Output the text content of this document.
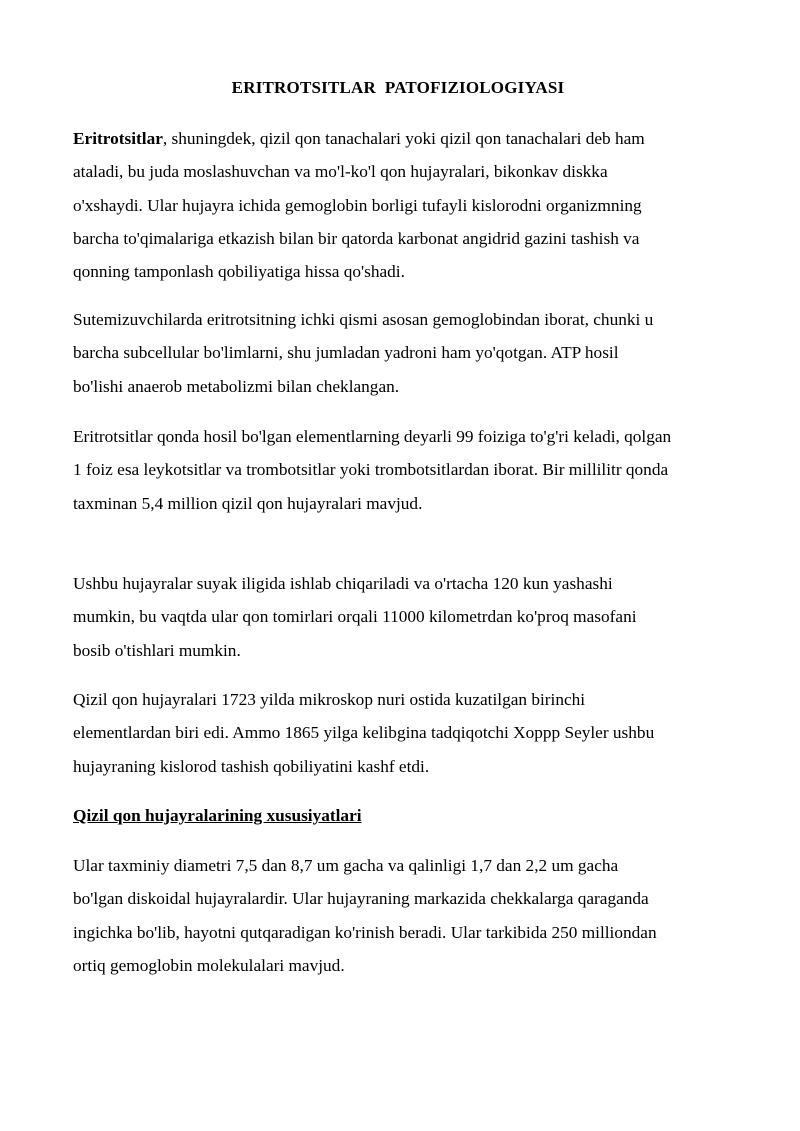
ERITROTSITLAR  PATOFIZIOLOGIYASI

Eritrotsitlar, shuningdek, qizil qon tanachalari yoki qizil qon tanachalari deb ham
ataladi, bu juda moslashuvchan va mo'l-ko'l qon hujayralari, bikonkav diskka
o'xshaydi. Ular hujayra ichida gemoglobin borligi tufayli kislorodni organizmning
barcha to'qimalariga etkazish bilan bir qatorda karbonat angidrid gazini tashish va
qonning tamponlash qobiliyatiga hissa qo'shadi.

Sutemizuvchilarda eritrotsitning ichki qismi asosan gemoglobindan iborat, chunki u
barcha subcellular bo'limlarni, shu jumladan yadroni ham yo'qotgan. ATP hosil
bo'lishi anaerob metabolizmi bilan cheklangan.

Eritrotsitlar qonda hosil bo'lgan elementlarning deyarli 99 foiziga to'g'ri keladi, qolgan
1 foiz esa leykotsitlar va trombotsitlar yoki trombotsitlardan iborat. Bir millilitr qonda
taxminan 5,4 million qizil qon hujayralari mavjud.

Ushbu hujayralar suyak iligida ishlab chiqariladi va o'rtacha 120 kun yashashi
mumkin, bu vaqtda ular qon tomirlari orqali 11000 kilometrdan ko'proq masofani
bosib o'tishlari mumkin.

Qizil qon hujayralari 1723 yilda mikroskop nuri ostida kuzatilgan birinchi
elementlardan biri edi. Ammo 1865 yilga kelibgina tadqiqotchi Xoppp Seyler ushbu
hujayraning kislorod tashish qobiliyatini kashf etdi.

Qizil qon hujayralarining xususiyatlari

Ular taxminiy diametri 7,5 dan 8,7 um gacha va qalinligi 1,7 dan 2,2 um gacha
bo'lgan diskoidal hujayralardir. Ular hujayraning markazida chekkalarga qaraganda
ingichka bo'lib, hayotni qutqaradigan ko'rinish beradi. Ular tarkibida 250 milliondan
ortiq gemoglobin molekulalari mavjud.
